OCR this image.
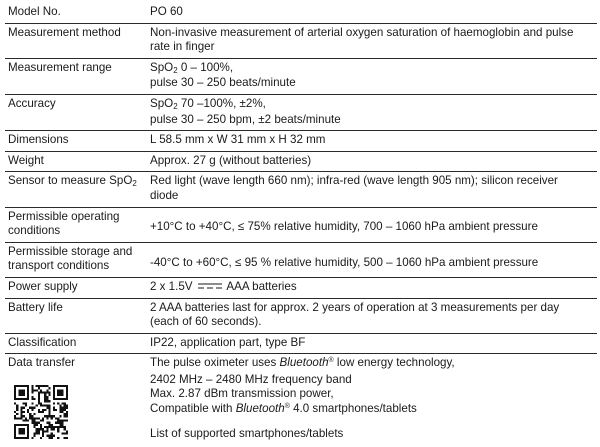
Model No.	PO 60

Measurement method	Non-invasive measurement of arterial oxygen saturation of haemoglobin and pulse
rate in finger

Measurement range	SpO2 0 – 100%,
pulse 30 – 250 beats/minute

Accuracy	SpO2 70 –100%, ±2%,
pulse 30 – 250 bpm, ±2 beats/minute

Dimensions	L 58.5 mm x W 31 mm x H 32 mm

Weight	Approx. 27 g (without batteries)

Sensor to measure SpO2	Red light (wave length 660 nm); infra-red (wave length 905 nm); silicon receiver
diode

Permissible operating
conditions	+10°C to +40°C, ≤ 75% relative humidity, 700 – 1060 hPa ambient pressure

Permissible storage and
transport conditions	-40°C to +60°C, ≤ 95 % relative humidity, 500 – 1060 hPa ambient pressure

Power supply	2 x 1.5V AAA batteries

Battery life	2 AAA batteries last for approx. 2 years of operation at 3 measurements per day
(each of 60 seconds).

Classification	IP22, application part, type BF

Data transfer	The pulse oximeter uses Bluetooth® low energy technology,
2402 MHz – 2480 MHz frequency band
Max. 2.87 dBm transmission power,
Compatible with Bluetooth® 4.0 smartphones/tablets
List of supported smartphones/tablets
